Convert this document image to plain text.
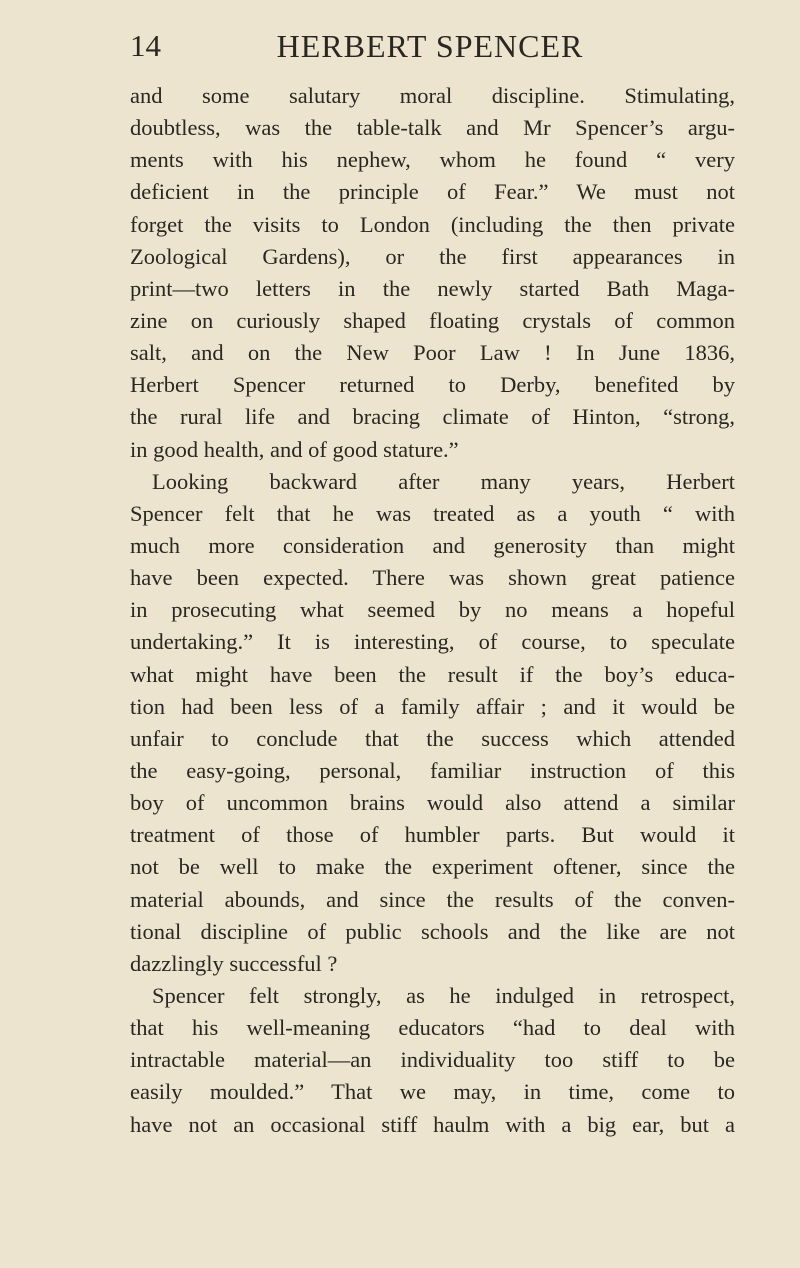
14	HERBERT SPENCER
and some salutary moral discipline. Stimulating,
doubtless, was the table-talk and Mr Spencer’s argu-
ments with his nephew, whom he found “ very
deficient in the principle of Fear.” We must not
forget the visits to London (including the then private
Zoological Gardens), or the first appearances in
print—two letters in the newly started Bath Maga-
zine on curiously shaped floating crystals of common
salt, and on the New Poor Law ! In June 1836,
Herbert Spencer returned to Derby, benefited by
the rural life and bracing climate of Hinton, “strong,
in good health, and of good stature.”
Looking backward after many years, Herbert
Spencer felt that he was treated as a youth “ with
much more consideration and generosity than might
have been expected. There was shown great patience
in prosecuting what seemed by no means a hopeful
undertaking.” It is interesting, of course, to speculate
what might have been the result if the boy’s educa-
tion had been less of a family affair ; and it would be
unfair to conclude that the success which attended
the easy-going, personal, familiar instruction of this
boy of uncommon brains would also attend a similar
treatment of those of humbler parts. But would it
not be well to make the experiment oftener, since the
material abounds, and since the results of the conven-
tional discipline of public schools and the like are not
dazzlingly successful ?
Spencer felt strongly, as he indulged in retrospect,
that his well-meaning educators “had to deal with
intractable material—an individuality too stiff to be
easily moulded.” That we may, in time, come to
have not an occasional stiff haulm with a big ear, but a
